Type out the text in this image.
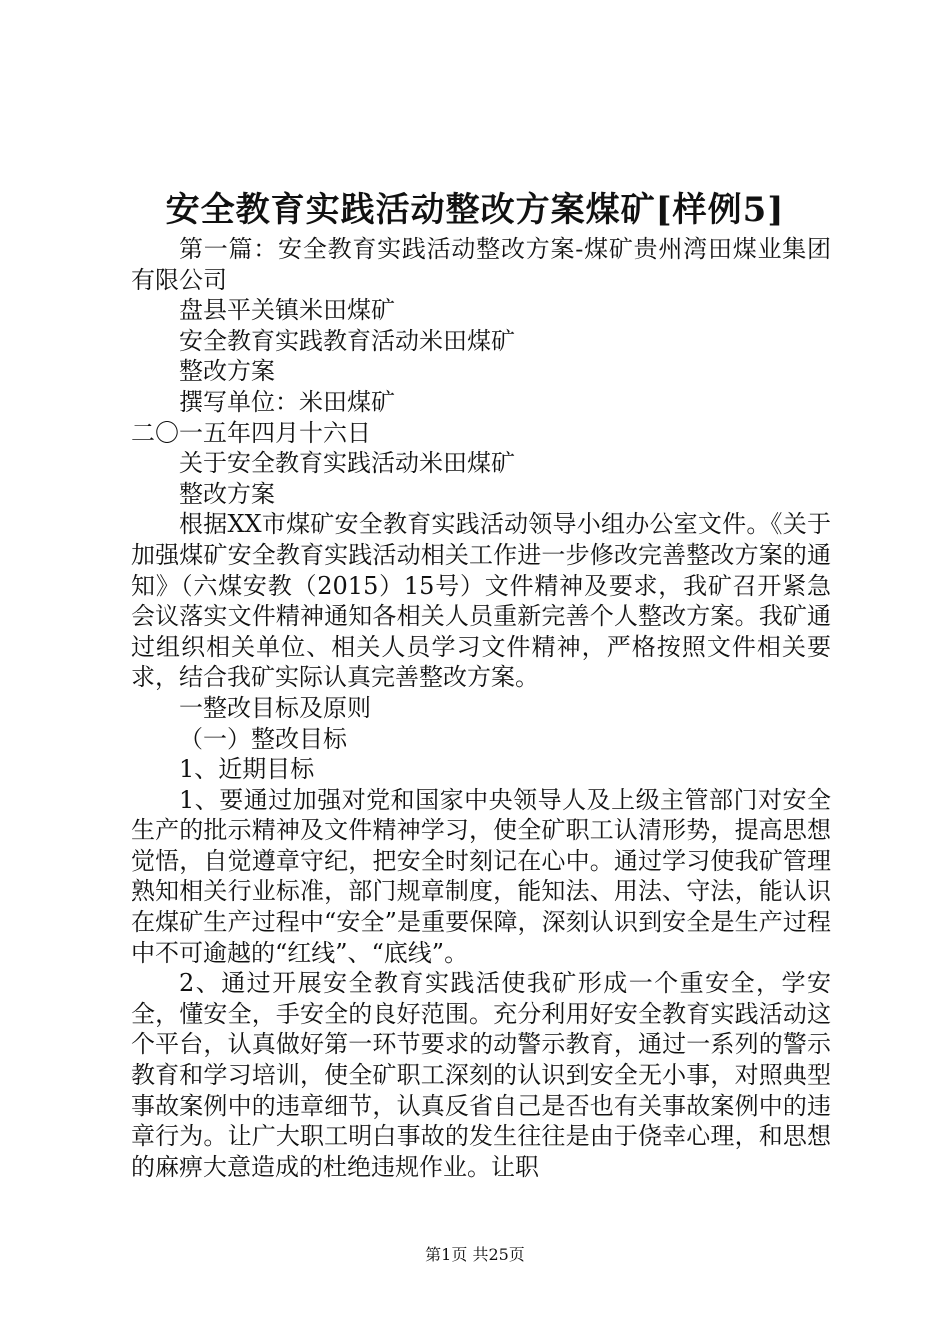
安全教育实践活动整改方案煤矿[样例5]

第一篇：安全教育实践活动整改方案-煤矿贵州湾田煤业集团有限公司

盘县平关镇米田煤矿

安全教育实践教育活动米田煤矿

整改方案

撰写单位：米田煤矿

二〇一五年四月十六日

关于安全教育实践活动米田煤矿

整改方案

根据XX市煤矿安全教育实践活动领导小组办公室文件。《关于加强煤矿安全教育实践活动相关工作进一步修改完善整改方案的通知》（六煤安教（2015）15号）文件精神及要求，我矿召开紧急会议落实文件精神通知各相关人员重新完善个人整改方案。我矿通过组织相关单位、相关人员学习文件精神，严格按照文件相关要求，结合我矿实际认真完善整改方案。

一整改目标及原则

（一）整改目标

1、近期目标

1、要通过加强对党和国家中央领导人及上级主管部门对安全生产的批示精神及文件精神学习，使全矿职工认清形势，提高思想觉悟，自觉遵章守纪，把安全时刻记在心中。通过学习使我矿管理熟知相关行业标准，部门规章制度，能知法、用法、守法，能认识在煤矿生产过程中“安全”是重要保障，深刻认识到安全是生产过程中不可逾越的“红线”、“底线”。

2、通过开展安全教育实践活使我矿形成一个重安全，学安全，懂安全，手安全的良好范围。充分利用好安全教育实践活动这个平台，认真做好第一环节要求的动警示教育，通过一系列的警示教育和学习培训，使全矿职工深刻的认识到安全无小事，对照典型事故案例中的违章细节，认真反省自己是否也有关事故案例中的违章行为。让广大职工明白事故的发生往往是由于侥幸心理，和思想的麻痹大意造成的杜绝违规作业。让职

第1页 共25页
